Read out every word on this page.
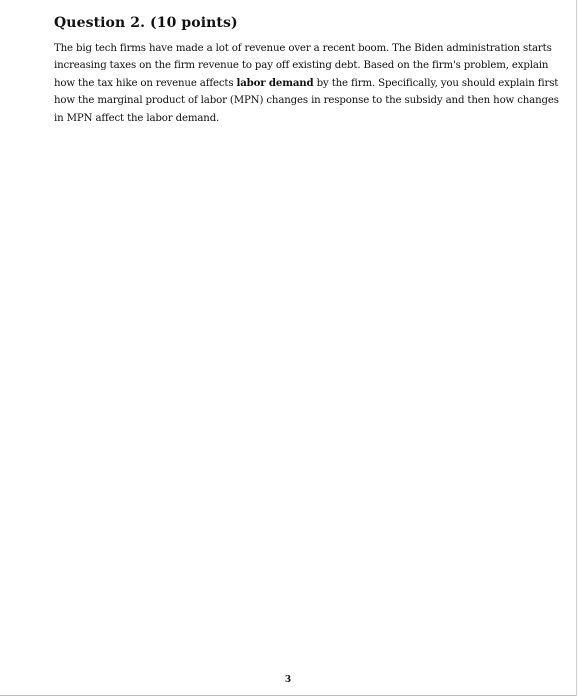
Question 2. (10 points)
The big tech firms have made a lot of revenue over a recent boom. The Biden administration starts
increasing taxes on the firm revenue to pay off existing debt. Based on the firm's problem, explain
how the tax hike on revenue affects labor demand by the firm. Specifically, you should explain first
how the marginal product of labor (MPN) changes in response to the subsidy and then how changes
in MPN affect the labor demand.
3
